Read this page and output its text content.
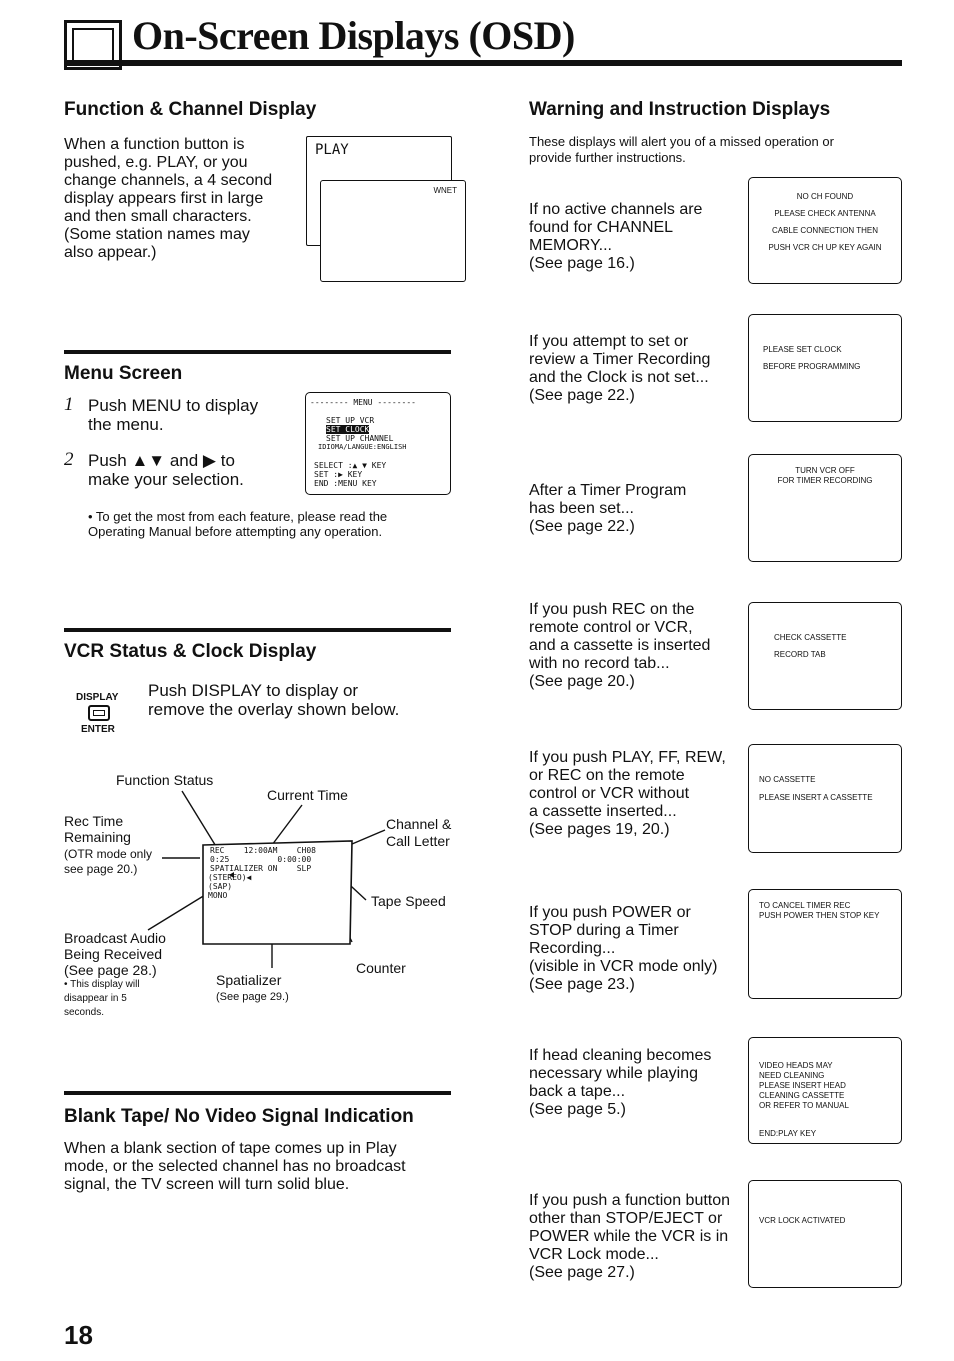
On-Screen Displays (OSD)
Function & Channel Display
When a function button is
pushed, e.g. PLAY, or you
change channels, a 4 second
display appears first in large
and then small characters.
(Some station names may
also appear.)
PLAY
WNET
Menu Screen
1 Push MENU to display
the menu.
2 Push ▲▼ and ▶ to
make your selection.
-------- MENU --------
SET UP VCR
SET CLOCK
SET UP CHANNEL
IDIOMA/LANGUE:ENGLISH
SELECT :▲ ▼ KEY
SET :▶ KEY
END :MENU KEY
• To get the most from each feature, please read the
Operating Manual before attempting any operation.
VCR Status & Clock Display
DISPLAY
ENTER
Push DISPLAY to display or
remove the overlay shown below.
REC    12:00AM    CH08
0:25          0:00:00
SPATIALIZER ON    SLP
(STEREO)◀
(SAP)
MONO
Function Status
Current Time
Rec Time
Remaining
(OTR mode only
see page 20.)
Channel &
Call Letter
Tape Speed
Broadcast Audio
Being Received
(See page 28.)
• This display will
disappear in 5
seconds.
Counter
Spatializer
(See page 29.)
Blank Tape/ No Video Signal Indication
When a blank section of tape comes up in Play
mode, or the selected channel has no broadcast
signal, the TV screen will turn solid blue.
Warning and Instruction Displays
These displays will alert you of a missed operation or
provide further instructions.
If no active channels are
found for CHANNEL
MEMORY...
(See page 16.)
NO CH FOUND
PLEASE CHECK ANTENNA
CABLE CONNECTION THEN
PUSH VCR CH UP KEY AGAIN
If you attempt to set or
review a Timer Recording
and the Clock is not set...
(See page 22.)
PLEASE SET CLOCK
BEFORE PROGRAMMING
After a Timer Program
has been set...
(See page 22.)
TURN VCR OFF
FOR TIMER RECORDING
If you push REC on the
remote control or VCR,
and a cassette is inserted
with no record tab...
(See page 20.)
CHECK CASSETTE
RECORD TAB
If you push PLAY, FF, REW,
or REC on the remote
control or VCR without
a cassette inserted...
(See pages 19, 20.)
NO CASSETTE
PLEASE INSERT A CASSETTE
If you push POWER or
STOP during a Timer
Recording...
(visible in VCR mode only)
(See page 23.)
TO CANCEL TIMER REC
PUSH POWER THEN STOP KEY
If head cleaning becomes
necessary while playing
back a tape...
(See page 5.)
VIDEO HEADS MAY
NEED CLEANING
PLEASE INSERT HEAD
CLEANING CASSETTE
OR REFER TO MANUAL
END:PLAY KEY
If you push a function button
other than STOP/EJECT or
POWER while the VCR is in
VCR Lock mode...
(See page 27.)
VCR LOCK ACTIVATED
18
